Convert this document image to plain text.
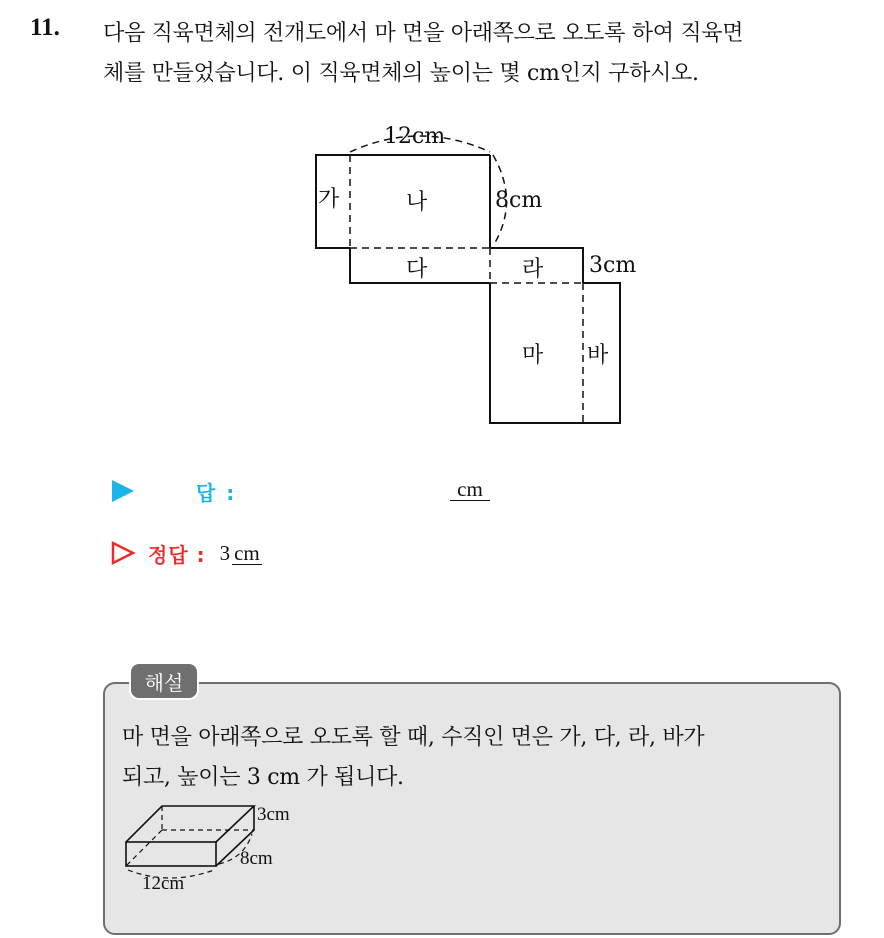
11. 다음 직육면체의 전개도에서 마 면을 아래쪽으로 오도록 하여 직육면
체를 만들었습니다. 이 직육면체의 높이는 몇 cm인지 구하시오.
가	나
다	라
마 바
12cm
8cm
3cm
답 :	cm
정답 : 3 cm
해설
마 면을 아래쪽으로 오도록 할 때, 수직인 면은 가, 다, 라, 바가
되고, 높이는 3 cm 가 됩니다.
3cm
8cm
12cm
